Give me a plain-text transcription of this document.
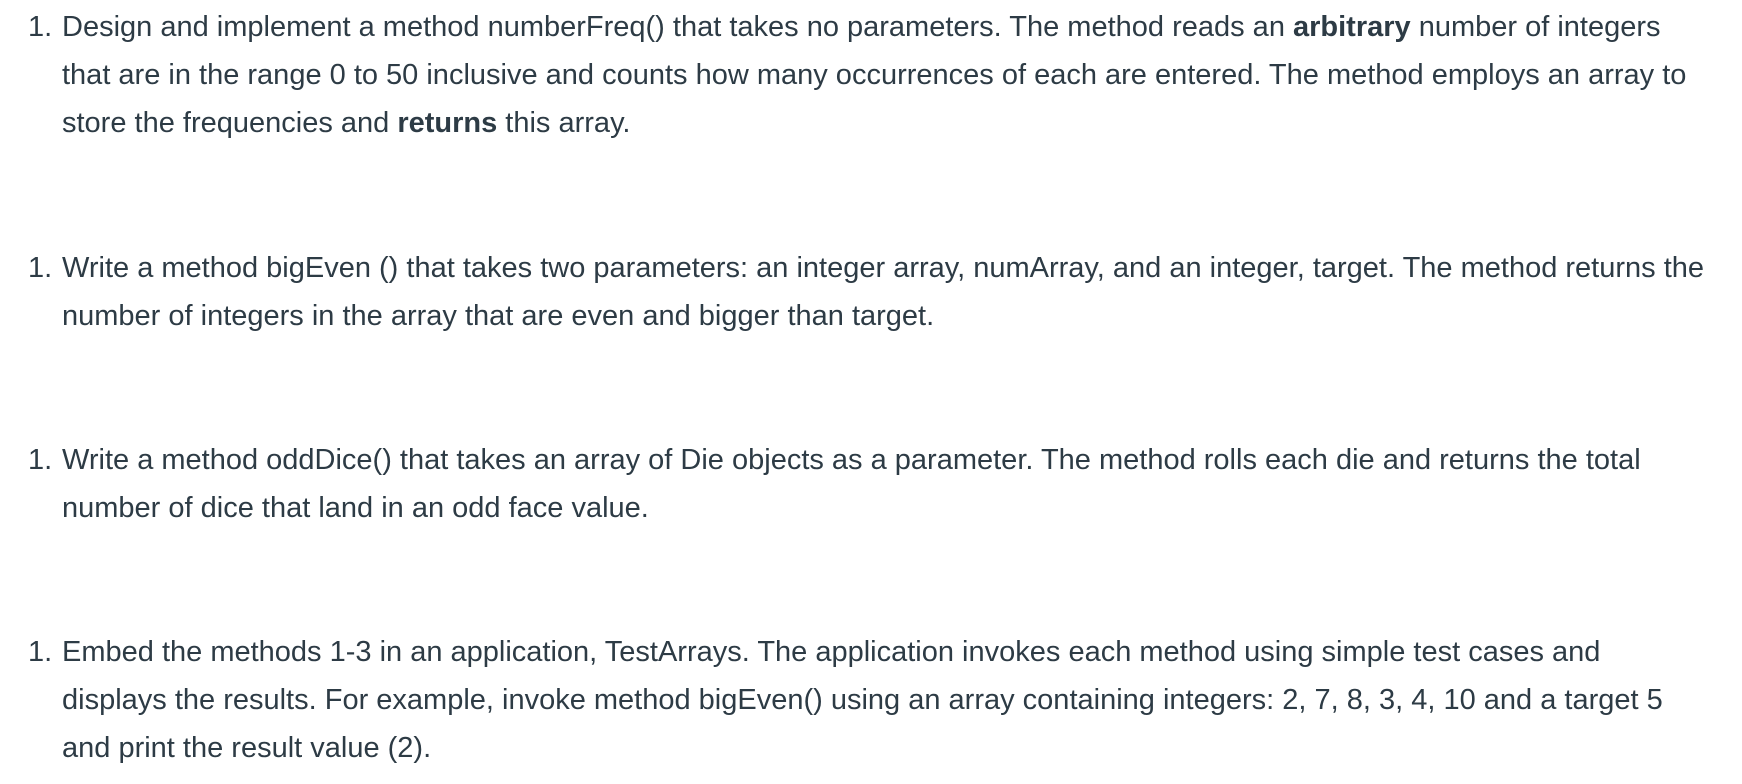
1. Design and implement a method numberFreq() that takes no parameters. The method reads an arbitrary number of integers that are in the range 0 to 50 inclusive and counts how many occurrences of each are entered. The method employs an array to store the frequencies and returns this array.
1. Write a method bigEven () that takes two parameters: an integer array, numArray, and an integer, target. The method returns the number of integers in the array that are even and bigger than target.
1. Write a method oddDice() that takes an array of Die objects as a parameter. The method rolls each die and returns the total number of dice that land in an odd face value.
1. Embed the methods 1-3 in an application, TestArrays. The application invokes each method using simple test cases and displays the results. For example, invoke method bigEven() using an array containing integers: 2, 7, 8, 3, 4, 10 and a target 5 and print the result value (2).
